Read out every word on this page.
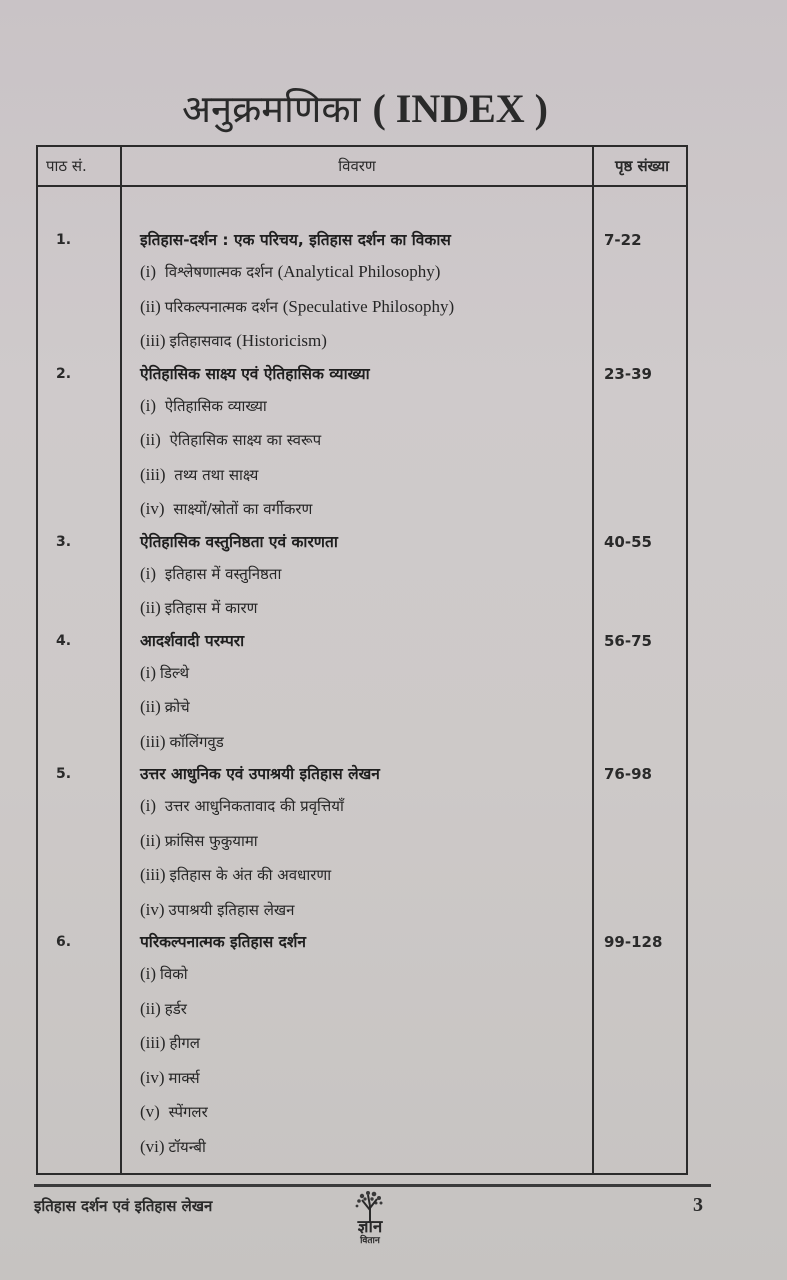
अनुक्रमणिका ( INDEX )
पाठ सं.	विवरण	पृष्ठ संख्या
1.	इतिहास-दर्शन : एक परिचय, इतिहास दर्शन का विकास	7-22
(i) विश्लेषणात्मक दर्शन (Analytical Philosophy)
(ii) परिकल्पनात्मक दर्शन (Speculative Philosophy)
(iii) इतिहासवाद (Historicism)
2.	ऐतिहासिक साक्ष्य एवं ऐतिहासिक व्याख्या	23-39
(i) ऐतिहासिक व्याख्या
(ii) ऐतिहासिक साक्ष्य का स्वरूप
(iii) तथ्य तथा साक्ष्य
(iv) साक्ष्यों/स्रोतों का वर्गीकरण
3.	ऐतिहासिक वस्तुनिष्ठता एवं कारणता	40-55
(i) इतिहास में वस्तुनिष्ठता
(ii) इतिहास में कारण
4.	आदर्शवादी परम्परा	56-75
(i) डिल्थे
(ii) क्रोचे
(iii) कॉलिंगवुड
5.	उत्तर आधुनिक एवं उपाश्रयी इतिहास लेखन	76-98
(i) उत्तर आधुनिकतावाद की प्रवृत्तियाँ
(ii) फ्रांसिस फुकुयामा
(iii) इतिहास के अंत की अवधारणा
(iv) उपाश्रयी इतिहास लेखन
6.	परिकल्पनात्मक इतिहास दर्शन	99-128
(i) विको
(ii) हर्डर
(iii) हीगल
(iv) मार्क्स
(v) स्पेंगलर
(vi) टॉयन्बी
इतिहास दर्शन एवं इतिहास लेखन
ज्ञान
वितान
3
